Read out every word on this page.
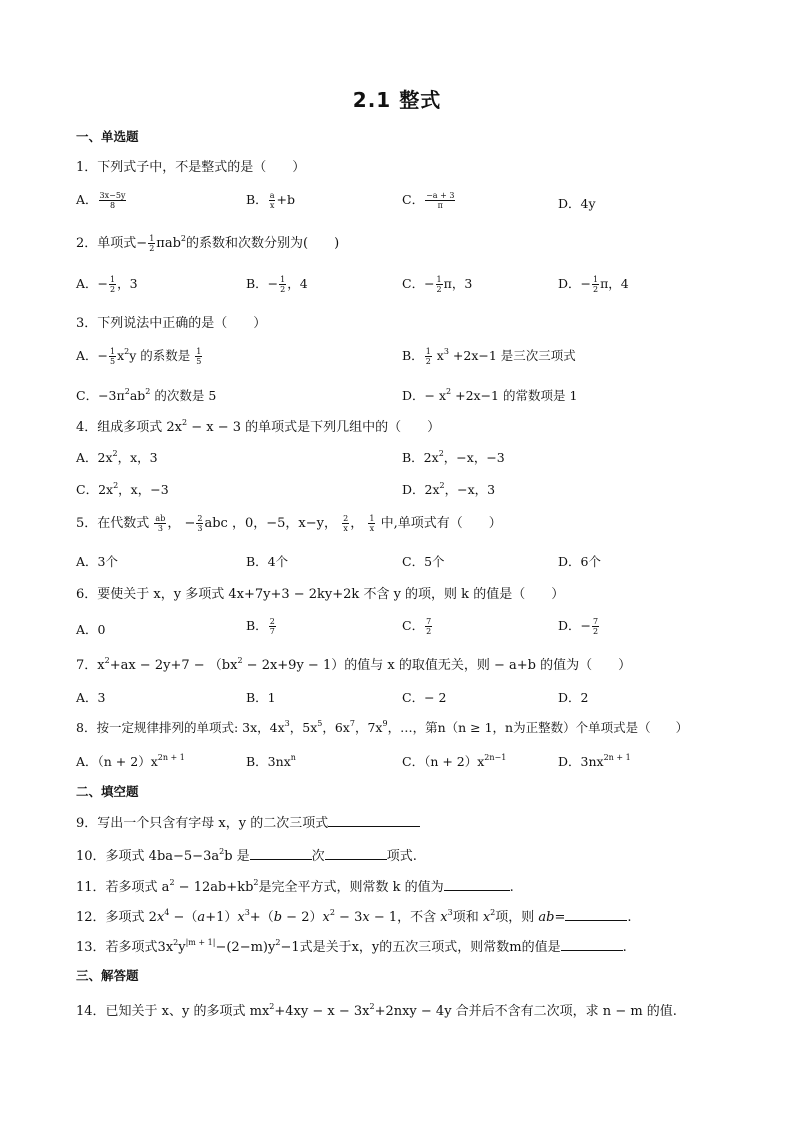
2.1 整式
一、单选题
1．下列式子中，不是整式的是（　　）
A． $\frac{3x-5y}{8}$	B． $\frac{a}{x} +b$	C． $\frac{-a + 3}{\pi}$	D．4y
2．单项式− $\frac{1}{2} \pi ab^2$的系数和次数分别为(　　)
A．− $\frac{1}{2}$ ，3	B．− $\frac{1}{2}$ ，4	C．− $\frac{1}{2}$ π，3	D．− $\frac{1}{2}$ π，4
3．下列说法中正确的是（　　）
A．− $\frac{1}{5} x^2y$ 的系数是 $\frac{1}{5}$	B． $\frac{1}{2} x^3 +2x-1$ 是三次三项式
C．$-3\pi^2ab^2$ 的次数是 5	D．− $x^2 +2x-1$ 的常数项是 1
4．组成多项式 $2x^2 - x - 3$ 的单项式是下列几组中的（　　）
A．$2x^2$，x，3	B．$2x^2$，−x，−3
C．$2x^2$，x，−3	D．$2x^2$，−x，3
5．在代数式 $\frac{ab}{3}$ ， − $\frac{2}{3}$ abc ，0，−5，x−y， $\frac{2}{x}$ ， $\frac{1}{x}$ 中,单项式有（　　）
A．3个	B．4个	C．5个	D．6个
6．要使关于 x，y 多项式 4x+7y+3 − 2ky+2k 不含 y 的项，则 k 的值是（　　）
A．0	B． $\frac{2}{7}$	C． $\frac{7}{2}$	D．− $\frac{7}{2}$
7．$x^2+ax - 2y+7 - (bx^2 - 2x+9y - 1)$的值与 x 的取值无关，则 − a+b 的值为（　　）
A．3	B．1	C．− 2	D．2
8．按一定规律排列的单项式: 3x，$4x^3$，$5x^5$，$6x^7$，$7x^9$，…，第n（n ≥ 1，n为正整数）个单项式是（　　）
A．$(n + 2)x^{2n + 1}$	B．$3nx^n$	C．$(n + 2)x^{2n-1}$	D．$3nx^{2n + 1}$
二、填空题
9．写出一个只含有字母 x，y 的二次三项式
10．多项式 $4ba-5-3a^2b$ 是	次	项式.
11．若多项式 $a^2 - 12ab+kb^2$是完全平方式，则常数 k 的值为	.
12．多项式 $2x^4 -(a+1)x^3+(b - 2)x^2 - 3x - 1$，不含 $x^3$项和 $x^2$项，则 ab=	.
13．若多项式$3x^2y^{|m + 1|}-(2-m)y^2-1$式是关于x，y的五次三项式，则常数m的值是	.
三、解答题
14．已知关于 x、y 的多项式 $mx^2+4xy - x - 3x^2+2nxy - 4y$ 合并后不含有二次项，求 n − m 的值.
